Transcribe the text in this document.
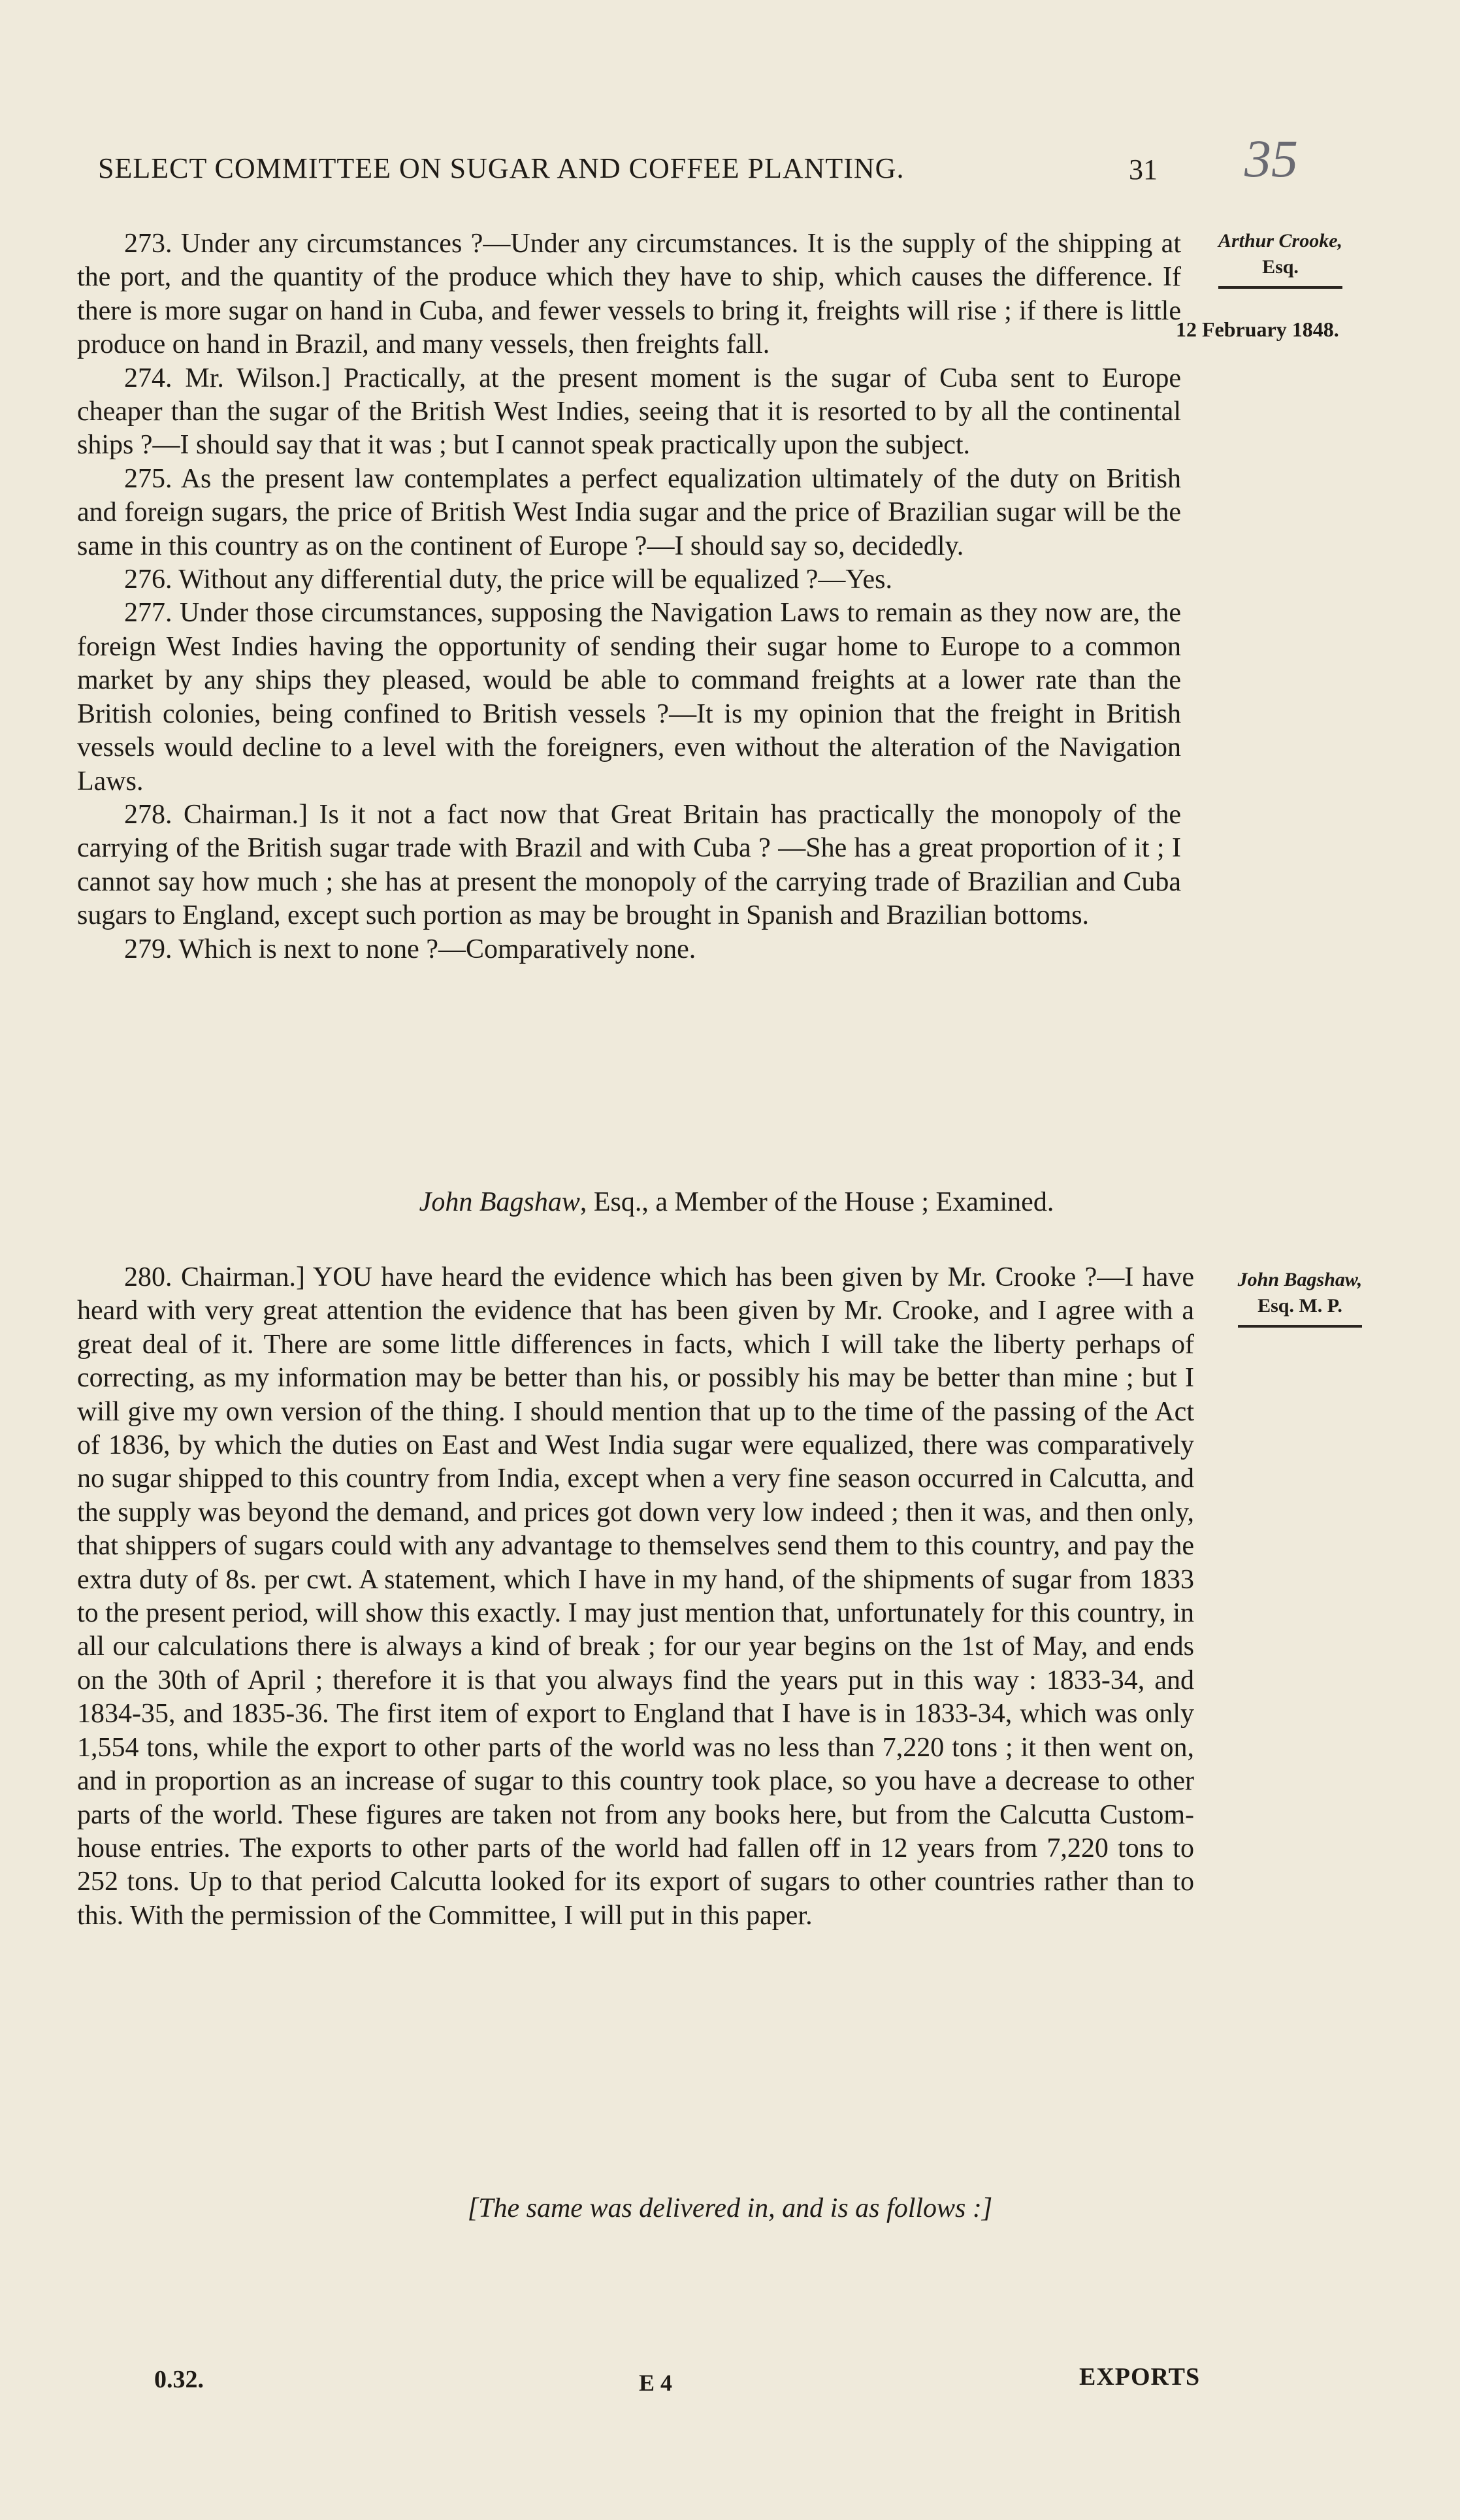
SELECT COMMITTEE ON SUGAR AND COFFEE PLANTING.	31 35
Arthur Crooke,
Esq.
12 February 1848.

273. Under any circumstances ?—Under any circumstances. It is the supply of the shipping at the port, and the quantity of the produce which they have to ship, which causes the difference. If there is more sugar on hand in Cuba, and fewer vessels to bring it, freights will rise ; if there is little produce on hand in Brazil, and many vessels, then freights fall.

274. Mr. Wilson.] Practically, at the present moment is the sugar of Cuba sent to Europe cheaper than the sugar of the British West Indies, seeing that it is resorted to by all the continental ships ?—I should say that it was ; but I cannot speak practically upon the subject.

275. As the present law contemplates a perfect equalization ultimately of the duty on British and foreign sugars, the price of British West India sugar and the price of Brazilian sugar will be the same in this country as on the continent of Europe ?—I should say so, decidedly.

276. Without any differential duty, the price will be equalized ?—Yes.

277. Under those circumstances, supposing the Navigation Laws to remain as they now are, the foreign West Indies having the opportunity of sending their sugar home to Europe to a common market by any ships they pleased, would be able to command freights at a lower rate than the British colonies, being confined to British vessels ?—It is my opinion that the freight in British vessels would decline to a level with the foreigners, even without the alteration of the Navigation Laws.

278. Chairman.] Is it not a fact now that Great Britain has practically the monopoly of the carrying of the British sugar trade with Brazil and with Cuba ? —She has a great proportion of it ; I cannot say how much ; she has at present the monopoly of the carrying trade of Brazilian and Cuba sugars to England, except such portion as may be brought in Spanish and Brazilian bottoms.

279. Which is next to none ?—Comparatively none.

John Bagshaw, Esq., a Member of the House ; Examined.
John Bagshaw,
Esq. M. P.

280. Chairman.] YOU have heard the evidence which has been given by Mr. Crooke ?—I have heard with very great attention the evidence that has been given by Mr. Crooke, and I agree with a great deal of it. There are some little differences in facts, which I will take the liberty perhaps of correcting, as my information may be better than his, or possibly his may be better than mine ; but I will give my own version of the thing. I should mention that up to the time of the passing of the Act of 1836, by which the duties on East and West India sugar were equalized, there was comparatively no sugar shipped to this country from India, except when a very fine season occurred in Calcutta, and the supply was beyond the demand, and prices got down very low indeed ; then it was, and then only, that shippers of sugars could with any advantage to themselves send them to this country, and pay the extra duty of 8s. per cwt. A statement, which I have in my hand, of the shipments of sugar from 1833 to the present period, will show this exactly. I may just mention that, unfortunately for this country, in all our calculations there is always a kind of break ; for our year begins on the 1st of May, and ends on the 30th of April ; therefore it is that you always find the years put in this way : 1833-34, and 1834-35, and 1835-36. The first item of export to England that I have is in 1833-34, which was only 1,554 tons, while the export to other parts of the world was no less than 7,220 tons ; it then went on, and in proportion as an increase of sugar to this country took place, so you have a decrease to other parts of the world. These figures are taken not from any books here, but from the Calcutta Custom-house entries. The exports to other parts of the world had fallen off in 12 years from 7,220 tons to 252 tons. Up to that period Calcutta looked for its export of sugars to other countries rather than to this. With the permission of the Committee, I will put in this paper.

[The same was delivered in, and is as follows :]
0.32.	E 4	EXPORTS
